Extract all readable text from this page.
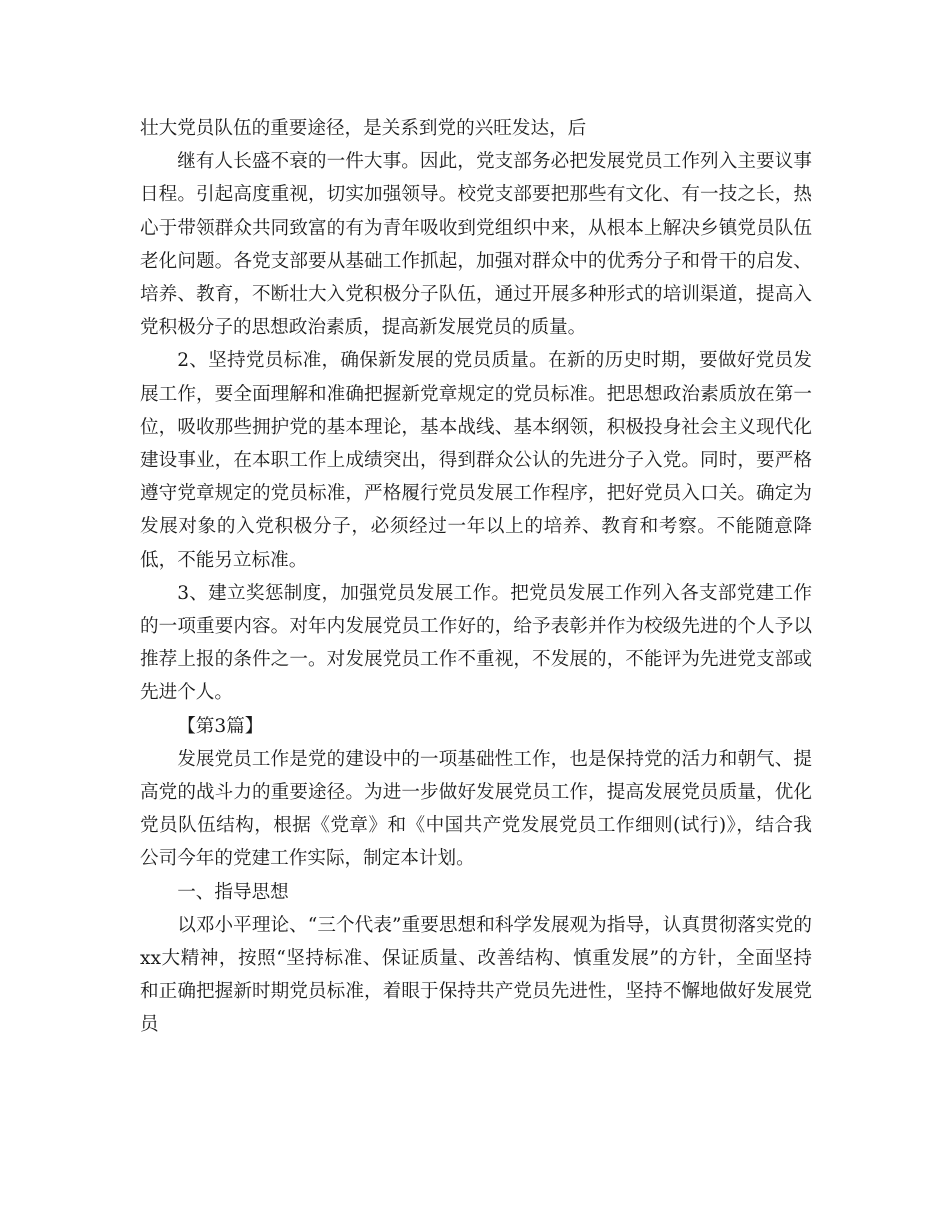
壮大党员队伍的重要途径，是关系到党的兴旺发达，后

继有人长盛不衰的一件大事。因此，党支部务必把发展党员工作列入主要议事日程。引起高度重视，切实加强领导。校党支部要把那些有文化、有一技之长，热心于带领群众共同致富的有为青年吸收到党组织中来，从根本上解决乡镇党员队伍老化问题。各党支部要从基础工作抓起，加强对群众中的优秀分子和骨干的启发、培养、教育，不断壮大入党积极分子队伍，通过开展多种形式的培训渠道，提高入党积极分子的思想政治素质，提高新发展党员的质量。

2、坚持党员标准，确保新发展的党员质量。在新的历史时期，要做好党员发展工作，要全面理解和准确把握新党章规定的党员标准。把思想政治素质放在第一位，吸收那些拥护党的基本理论，基本战线、基本纲领，积极投身社会主义现代化建设事业，在本职工作上成绩突出，得到群众公认的先进分子入党。同时，要严格遵守党章规定的党员标准，严格履行党员发展工作程序，把好党员入口关。确定为发展对象的入党积极分子，必须经过一年以上的培养、教育和考察。不能随意降低，不能另立标准。

3、建立奖惩制度，加强党员发展工作。把党员发展工作列入各支部党建工作的一项重要内容。对年内发展党员工作好的，给予表彰并作为校级先进的个人予以推荐上报的条件之一。对发展党员工作不重视，不发展的，不能评为先进党支部或先进个人。

【第3篇】

发展党员工作是党的建设中的一项基础性工作，也是保持党的活力和朝气、提高党的战斗力的重要途径。为进一步做好发展党员工作，提高发展党员质量，优化党员队伍结构，根据《党章》和《中国共产党发展党员工作细则(试行)》，结合我公司今年的党建工作实际，制定本计划。

一、指导思想

以邓小平理论、“三个代表”重要思想和科学发展观为指导，认真贯彻落实党的xx大精神，按照“坚持标准、保证质量、改善结构、慎重发展”的方针，全面坚持和正确把握新时期党员标准，着眼于保持共产党员先进性，坚持不懈地做好发展党员
